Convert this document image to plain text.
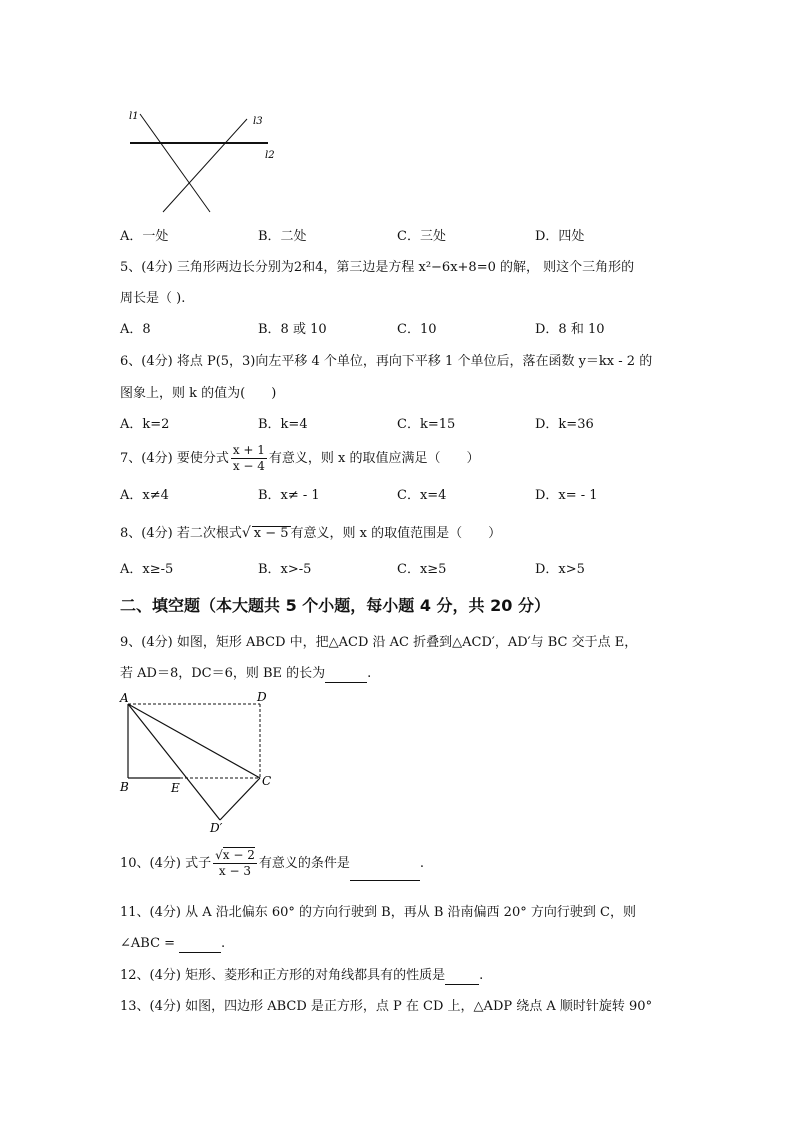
l1	l3
l2
A．一处	B．二处	C．三处	D．四处
5、(4分) 三角形两边长分别为2和4，第三边是方程 x²−6x+8=0 的解， 则这个三角形的
周长是（ ).
A．8	B．8 或 10	C．10	D．8 和 10
6、(4分) 将点 P(5，3)向左平移 4 个单位，再向下平移 1 个单位后，落在函数 y＝kx - 2 的
图象上，则 k 的值为(　　)
A．k=2	B．k=4	C．k=15	D．k=36
7、(4分) 要使分式 $\frac{x + 1}{x - 4}$ 有意义，则 x 的取值应满足（　　）
A．x≠4	B．x≠ - 1	C．x=4	D．x= - 1
8、(4分) 若二次根式√ x − 5 有意义，则 x 的取值范围是（　　）
A．x≥-5	B．x>-5	C．x≥5	D．x>5
二、填空题（本大题共 5 个小题，每小题 4 分，共 20 分）
9、(4分) 如图，矩形 ABCD 中，把△ACD 沿 AC 折叠到△ACD′，AD′与 BC 交于点 E，
若 AD＝8，DC＝6，则 BE 的长为	.
A	D
B	E	C
D′
10、(4分) 式子 $\frac{√x - 2}{x - 3}$ 有意义的条件是	.
11、(4分) 从 A 沿北偏东 60° 的方向行驶到 B，再从 B 沿南偏西 20° 方向行驶到 C，则
∠ABC =	.
12、(4分) 矩形、菱形和正方形的对角线都具有的性质是	.
13、(4分) 如图，四边形 ABCD 是正方形，点 P 在 CD 上，△ADP 绕点 A 顺时针旋转 90°
